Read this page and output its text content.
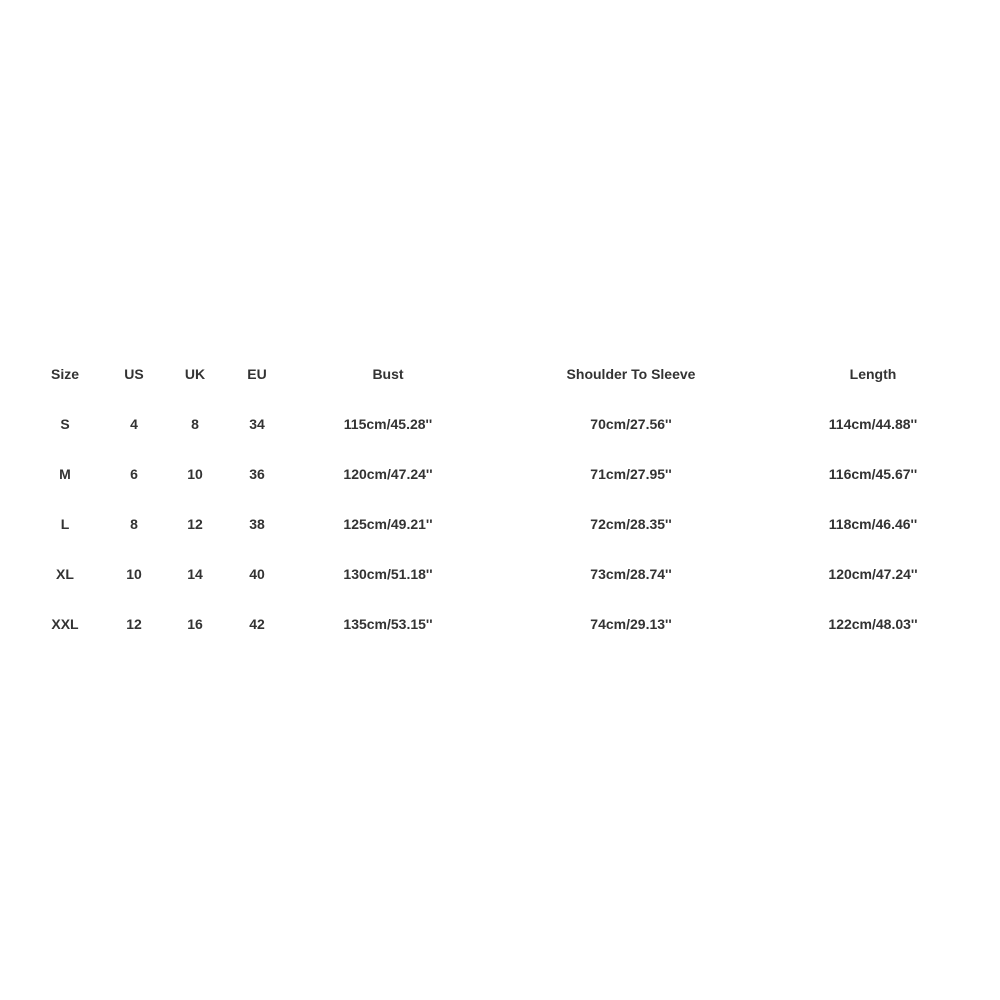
Size	US	UK	EU	Bust	Shoulder To Sleeve	Length
S	4	8	34	115cm/45.28''	70cm/27.56''	114cm/44.88''
M	6	10	36	120cm/47.24''	71cm/27.95''	116cm/45.67''
L	8	12	38	125cm/49.21''	72cm/28.35''	118cm/46.46''
XL	10	14	40	130cm/51.18''	73cm/28.74''	120cm/47.24''
XXL	12	16	42	135cm/53.15''	74cm/29.13''	122cm/48.03''
